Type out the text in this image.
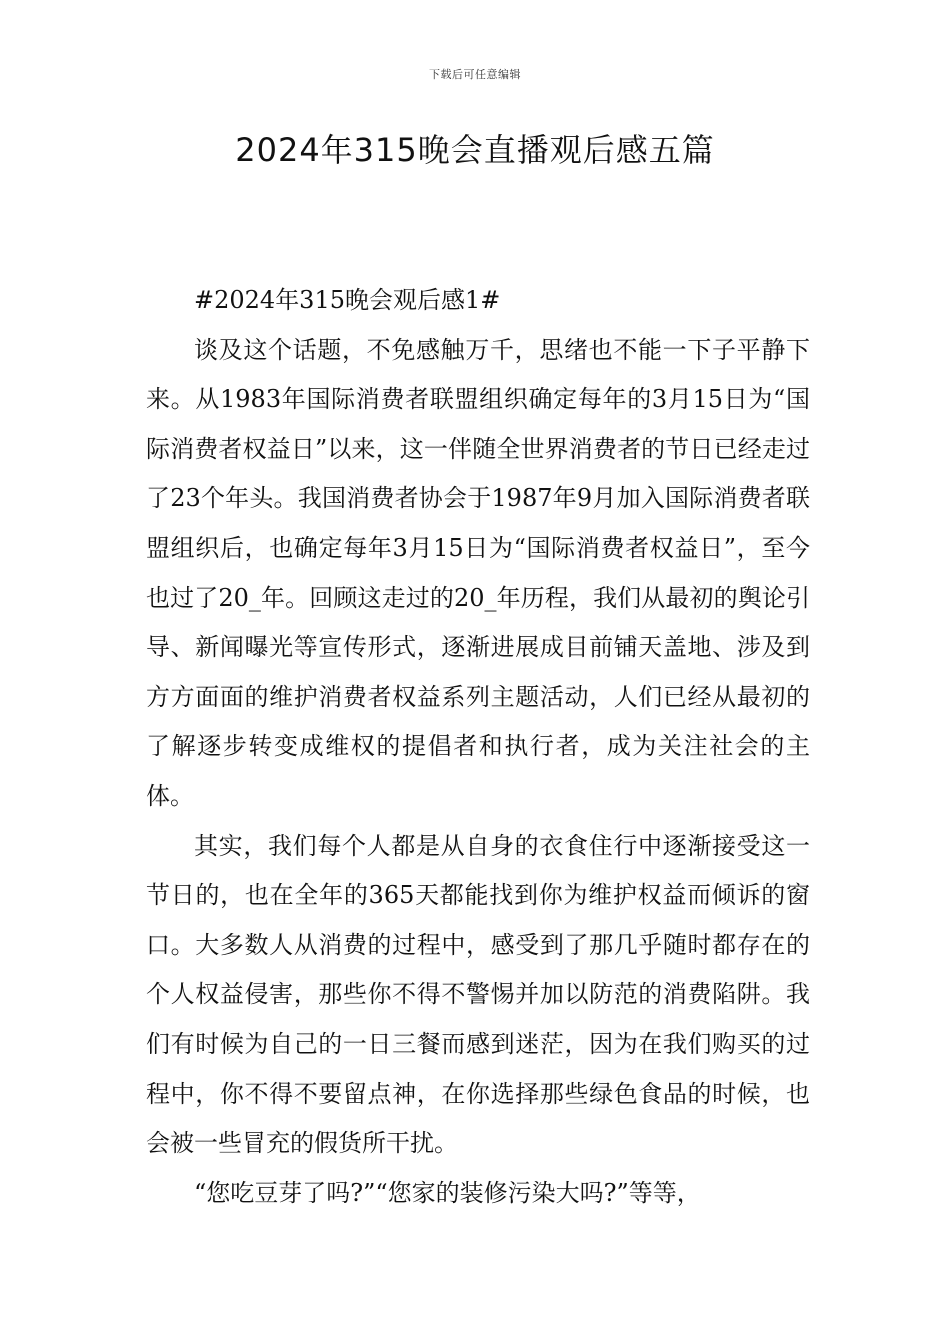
下载后可任意编辑
2024年315晚会直播观后感五篇

#2024年315晚会观后感1#

谈及这个话题，不免感触万千，思绪也不能一下子平静下来。从1983年国际消费者联盟组织确定每年的3月15日为“国际消费者权益日”以来，这一伴随全世界消费者的节日已经走过了23个年头。我国消费者协会于1987年9月加入国际消费者联盟组织后，也确定每年3月15日为“国际消费者权益日”，至今也过了20_年。回顾这走过的20_年历程，我们从最初的舆论引导、新闻曝光等宣传形式，逐渐进展成目前铺天盖地、涉及到方方面面的维护消费者权益系列主题活动，人们已经从最初的了解逐步转变成维权的提倡者和执行者，成为关注社会的主体。

其实，我们每个人都是从自身的衣食住行中逐渐接受这一节日的，也在全年的365天都能找到你为维护权益而倾诉的窗口。大多数人从消费的过程中，感受到了那几乎随时都存在的个人权益侵害，那些你不得不警惕并加以防范的消费陷阱。我们有时候为自己的一日三餐而感到迷茫，因为在我们购买的过程中，你不得不要留点神，在你选择那些绿色食品的时候，也会被一些冒充的假货所干扰。

“您吃豆芽了吗?”“您家的装修污染大吗?”等等，
